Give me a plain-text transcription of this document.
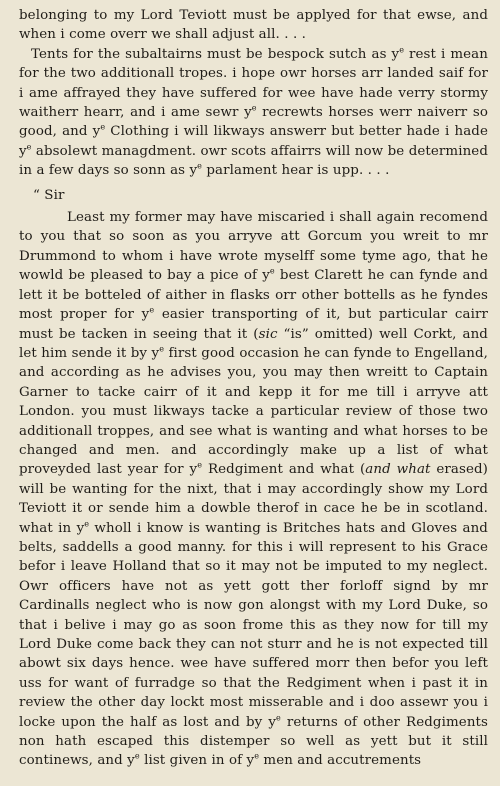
belonging to my Lord Teviott must be applyed for that ewse, and when i come overr we shall adjust all. . . .

Tents for the subaltairns must be bespock sutch as $y^e$ rest i mean for the two additionall tropes. i hope owr horses arr landed saif for i ame affrayed they have suffered for wee have hade verry stormy waitherr hearr, and i ame sewr $y^e$ recrewts horses werr naiverr so good, and $y^e$ Clothing i will likways answerr but better hade i hade $y^e$ absolewt managdment. owr scots affairrs will now be determined in a few days so sonn as $y^e$ parlament hear is upp. . . .

“ Sir

Least my former may have miscaried i shall again recomend to you that so soon as you arryve att Gorcum you wreit to mr Drummond to whom i have wrote myselff some tyme ago, that he wowld be pleased to bay a pice of $y^e$ best Clarett he can fynde and lett it be botteled of aither in flasks orr other bottells as he fyndes most proper for $y^e$ easier transporting of it, but particular cairr must be tacken in seeing that it (sic “is” omitted) well Corkt, and let him sende it by $y^e$ first good occasion he can fynde to Engelland, and according as he advises you, you may then wreitt to Captain Garner to tacke cairr of it and kepp it for me till i arryve att London. you must likways tacke a particular review of those two additionall troppes, and see what is wanting and what horses to be changed and men. and accordingly make up a list of what proveyded last year for $y^e$ Redgiment and what (and what erased) will be wanting for the nixt, that i may accordingly show my Lord Teviott it or sende him a dowble therof in cace he be in scotland. what in $y^e$ wholl i know is wanting is Britches hats and Gloves and belts, saddells a good manny. for this i will represent to his Grace befor i leave Holland that so it may not be imputed to my neglect. Owr officers have not as yett gott ther forloff signd by mr Cardinalls neglect who is now gon alongst with my Lord Duke, so that i belive i may go as soon frome this as they now for till my Lord Duke come back they can not sturr and he is not expected till abowt six days hence. wee have suffered morr then befor you left uss for want of furradge so that the Redgiment when i past it in review the other day lockt most misserable and i doo assewr you i locke upon the half as lost and by $y^e$ returns of other Redgiments non hath escaped this distemper so well as yett but it still continews, and $y^e$ list given in of $y^e$ men and accutrements
